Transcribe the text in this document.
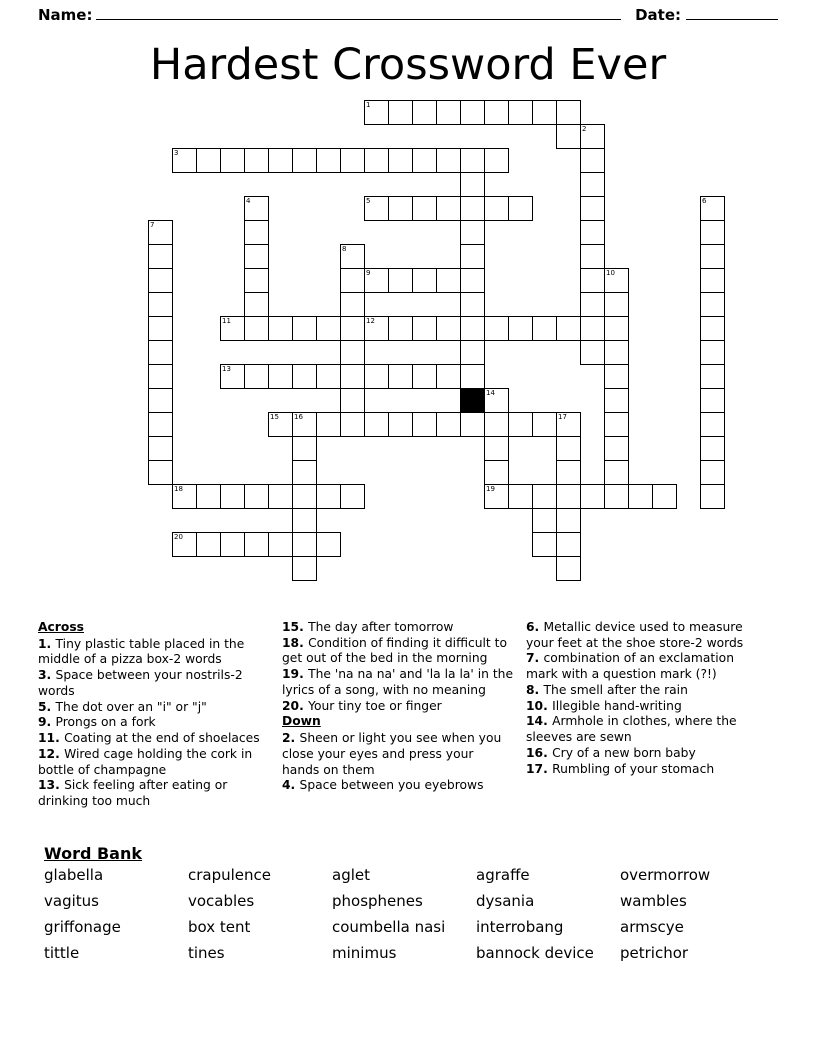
Name:	Date:
Hardest Crossword Ever
1
2
3
4	5	6
7
8
9	10
11	12
13
14
15 16	17
18	19
20
Across

1. Tiny plastic table placed in the middle of a pizza box-2 words

3. Space between your nostrils-2 words

5. The dot over an "i" or "j"

9. Prongs on a fork

11. Coating at the end of shoelaces

12. Wired cage holding the cork in bottle of champagne

13. Sick feeling after eating or drinking too much

15. The day after tomorrow

18. Condition of finding it difficult to get out of the bed in the morning

19. The 'na na na' and 'la la la' in the lyrics of a song, with no meaning

20. Your tiny toe or finger

Down

2. Sheen or light you see when you close your eyes and press your hands on them

4. Space between you eyebrows

6. Metallic device used to measure your feet at the shoe store-2 words

7. combination of an exclamation mark with a question mark (?!)

8. The smell after the rain

10. Illegible hand-writing

14. Armhole in clothes, where the sleeves are sewn

16. Cry of a new born baby

17. Rumbling of your stomach

Word Bank
glabella	crapulence	aglet	agraffe	overmorrow
vagitus	vocables	phosphenes	dysania	wambles
griffonage	box tent	coumbella nasi	interrobang	armscye
tittle	tines	minimus	bannock device	petrichor
